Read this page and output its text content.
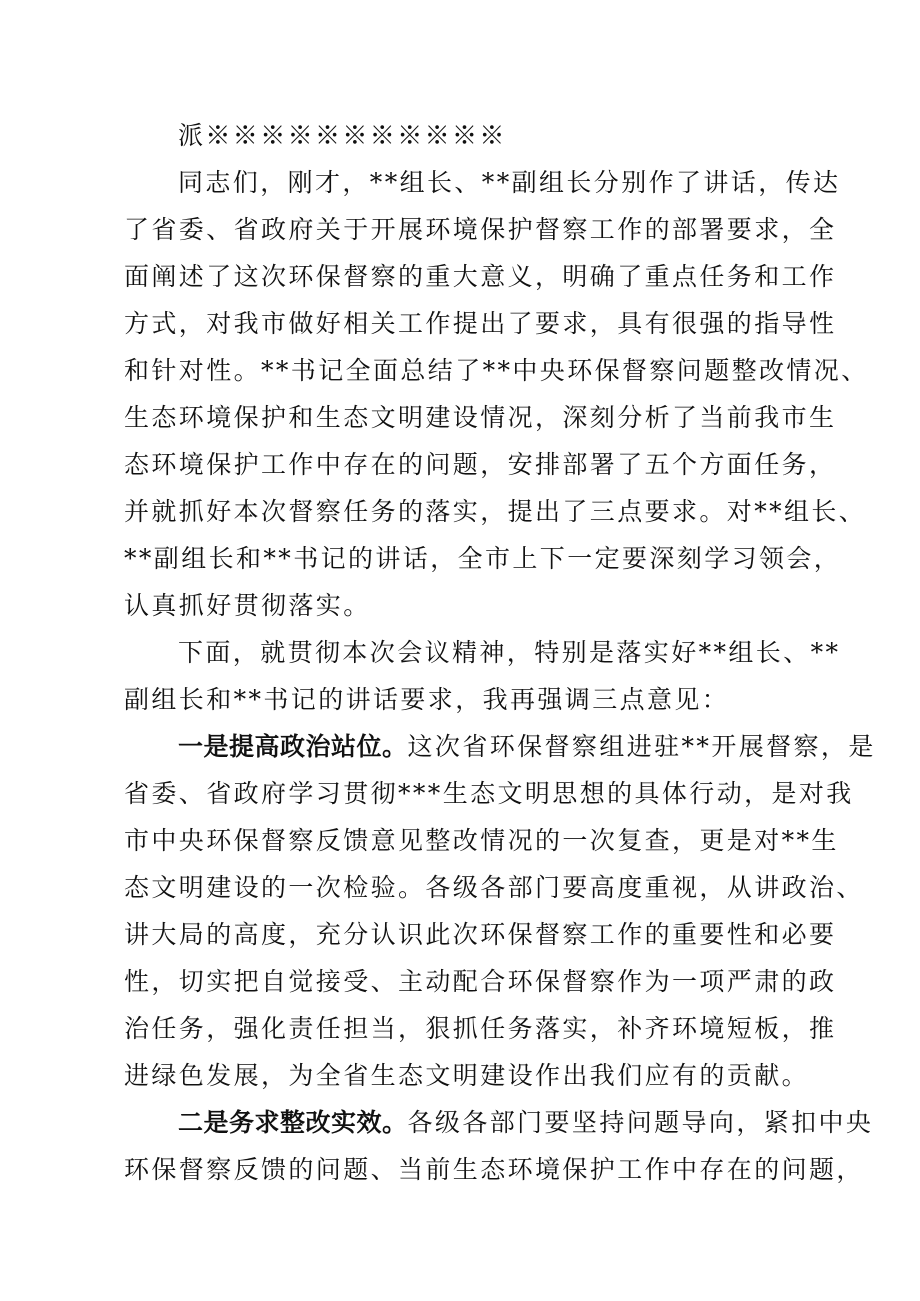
派※※※※※※※※※※※
同志们，刚才，**组长、**副组长分别作了讲话，传达
了省委、省政府关于开展环境保护督察工作的部署要求，全
面阐述了这次环保督察的重大意义，明确了重点任务和工作
方式，对我市做好相关工作提出了要求，具有很强的指导性
和针对性。**书记全面总结了**中央环保督察问题整改情况、
生态环境保护和生态文明建设情况，深刻分析了当前我市生
态环境保护工作中存在的问题，安排部署了五个方面任务，
并就抓好本次督察任务的落实，提出了三点要求。对**组长、
**副组长和**书记的讲话，全市上下一定要深刻学习领会，
认真抓好贯彻落实。
下面，就贯彻本次会议精神，特别是落实好**组长、**
副组长和**书记的讲话要求，我再强调三点意见：
一是提高政治站位。这次省环保督察组进驻**开展督察，是
省委、省政府学习贯彻***生态文明思想的具体行动，是对我
市中央环保督察反馈意见整改情况的一次复查，更是对**生
态文明建设的一次检验。各级各部门要高度重视，从讲政治、
讲大局的高度，充分认识此次环保督察工作的重要性和必要
性，切实把自觉接受、主动配合环保督察作为一项严肃的政
治任务，强化责任担当，狠抓任务落实，补齐环境短板，推
进绿色发展，为全省生态文明建设作出我们应有的贡献。
二是务求整改实效。各级各部门要坚持问题导向，紧扣中央
环保督察反馈的问题、当前生态环境保护工作中存在的问题，
